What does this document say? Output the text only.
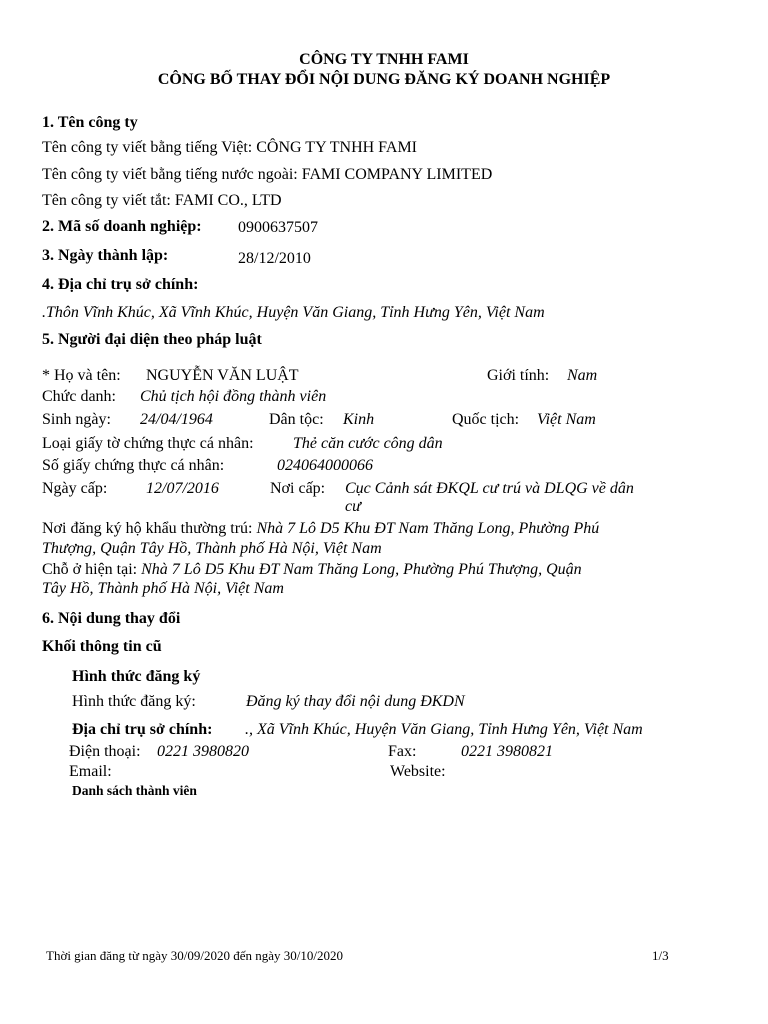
CÔNG TY TNHH FAMI
CÔNG BỐ THAY ĐỔI NỘI DUNG ĐĂNG KÝ DOANH NGHIỆP
1. Tên công ty
Tên công ty viết bằng tiếng Việt: CÔNG TY TNHH FAMI
Tên công ty viết bằng tiếng nước ngoài: FAMI COMPANY LIMITED
Tên công ty viết tắt: FAMI CO., LTD
2. Mã số doanh nghiệp: 0900637507
3. Ngày thành lập:	28/12/2010
4. Địa chỉ trụ sở chính:
.Thôn Vĩnh Khúc, Xã Vĩnh Khúc, Huyện Văn Giang, Tỉnh Hưng Yên, Việt Nam
5. Người đại diện theo pháp luật
* Họ và tên: NGUYỄN VĂN LUẬT	Giới tính: Nam
Chức danh: Chủ tịch hội đồng thành viên
Sinh ngày: 24/04/1964	Dân tộc: Kinh	Quốc tịch: Việt Nam
Loại giấy tờ chứng thực cá nhân: Thẻ căn cước công dân
Số giấy chứng thực cá nhân:	024064000066
Ngày cấp: 12/07/2016	Nơi cấp: Cục Cảnh sát ĐKQL cư trú và DLQG về dân
cư
Nơi đăng ký hộ khẩu thường trú: Nhà 7 Lô D5 Khu ĐT Nam Thăng Long, Phường Phú
Thượng, Quận Tây Hồ, Thành phố Hà Nội, Việt Nam
Chỗ ở hiện tại: Nhà 7 Lô D5 Khu ĐT Nam Thăng Long, Phường Phú Thượng, Quận
Tây Hồ, Thành phố Hà Nội, Việt Nam
6. Nội dung thay đổi
Khối thông tin cũ
Hình thức đăng ký
Hình thức đăng ký:	Đăng ký thay đổi nội dung ĐKDN
Địa chỉ trụ sở chính: ., Xã Vĩnh Khúc, Huyện Văn Giang, Tỉnh Hưng Yên, Việt Nam
Điện thoại: 0221 3980820	Fax:	0221 3980821
Email:	Website:
Danh sách thành viên
Thời gian đăng từ ngày 30/09/2020 đến ngày 30/10/2020	1/3
